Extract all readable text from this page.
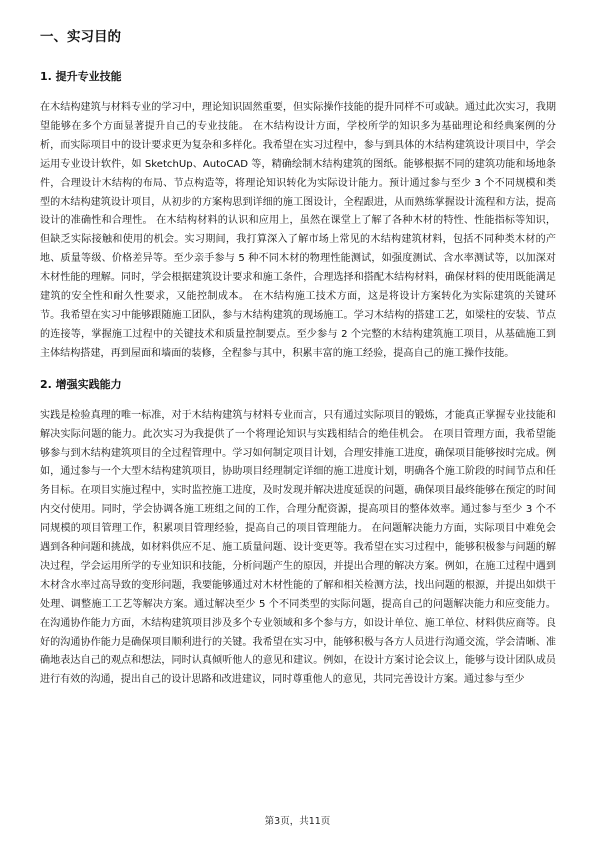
一、实习目的
1. 提升专业技能

在木结构建筑与材料专业的学习中，理论知识固然重要，但实际操作技能的提升同样不可或缺。通过此次实习，我期望能够在多个方面显著提升自己的专业技能。 在木结构设计方面，学校所学的知识多为基础理论和经典案例的分析，而实际项目中的设计要求更为复杂和多样化。我希望在实习过程中，参与到具体的木结构建筑设计项目中，学会运用专业设计软件，如 SketchUp、AutoCAD 等，精确绘制木结构建筑的图纸。能够根据不同的建筑功能和场地条件，合理设计木结构的布局、节点构造等，将理论知识转化为实际设计能力。预计通过参与至少 3 个不同规模和类型的木结构建筑设计项目，从初步的方案构思到详细的施工图设计，全程跟进，从而熟练掌握设计流程和方法，提高设计的准确性和合理性。 在木结构材料的认识和应用上，虽然在课堂上了解了各种木材的特性、性能指标等知识，但缺乏实际接触和使用的机会。实习期间，我打算深入了解市场上常见的木结构建筑材料，包括不同种类木材的产地、质量等级、价格差异等。至少亲手参与 5 种不同木材的物理性能测试，如强度测试、含水率测试等，以加深对木材性能的理解。同时，学会根据建筑设计要求和施工条件，合理选择和搭配木结构材料，确保材料的使用既能满足建筑的安全性和耐久性要求，又能控制成本。 在木结构施工技术方面，这是将设计方案转化为实际建筑的关键环节。我希望在实习中能够跟随施工团队，参与木结构建筑的现场施工。学习木结构的搭建工艺，如梁柱的安装、节点的连接等，掌握施工过程中的关键技术和质量控制要点。至少参与 2 个完整的木结构建筑施工项目，从基础施工到主体结构搭建，再到屋面和墙面的装修，全程参与其中，积累丰富的施工经验，提高自己的施工操作技能。

2. 增强实践能力

实践是检验真理的唯一标准，对于木结构建筑与材料专业而言，只有通过实际项目的锻炼，才能真正掌握专业技能和解决实际问题的能力。此次实习为我提供了一个将理论知识与实践相结合的绝佳机会。 在项目管理方面，我希望能够参与到木结构建筑项目的全过程管理中。学习如何制定项目计划，合理安排施工进度，确保项目能够按时完成。例如，通过参与一个大型木结构建筑项目，协助项目经理制定详细的施工进度计划，明确各个施工阶段的时间节点和任务目标。在项目实施过程中，实时监控施工进度，及时发现并解决进度延误的问题，确保项目最终能够在预定的时间内交付使用。同时，学会协调各施工班组之间的工作，合理分配资源，提高项目的整体效率。通过参与至少 3 个不同规模的项目管理工作，积累项目管理经验，提高自己的项目管理能力。 在问题解决能力方面，实际项目中难免会遇到各种问题和挑战，如材料供应不足、施工质量问题、设计变更等。我希望在实习过程中，能够积极参与问题的解决过程，学会运用所学的专业知识和技能，分析问题产生的原因，并提出合理的解决方案。例如，在施工过程中遇到木材含水率过高导致的变形问题，我要能够通过对木材性能的了解和相关检测方法，找出问题的根源，并提出如烘干处理、调整施工工艺等解决方案。通过解决至少 5 个不同类型的实际问题，提高自己的问题解决能力和应变能力。 在沟通协作能力方面，木结构建筑项目涉及多个专业领域和多个参与方，如设计单位、施工单位、材料供应商等。良好的沟通协作能力是确保项目顺利进行的关键。我希望在实习中，能够积极与各方人员进行沟通交流，学会清晰、准确地表达自己的观点和想法，同时认真倾听他人的意见和建议。例如，在设计方案讨论会议上，能够与设计团队成员进行有效的沟通，提出自己的设计思路和改进建议，同时尊重他人的意见，共同完善设计方案。通过参与至少

第3页，共11页
